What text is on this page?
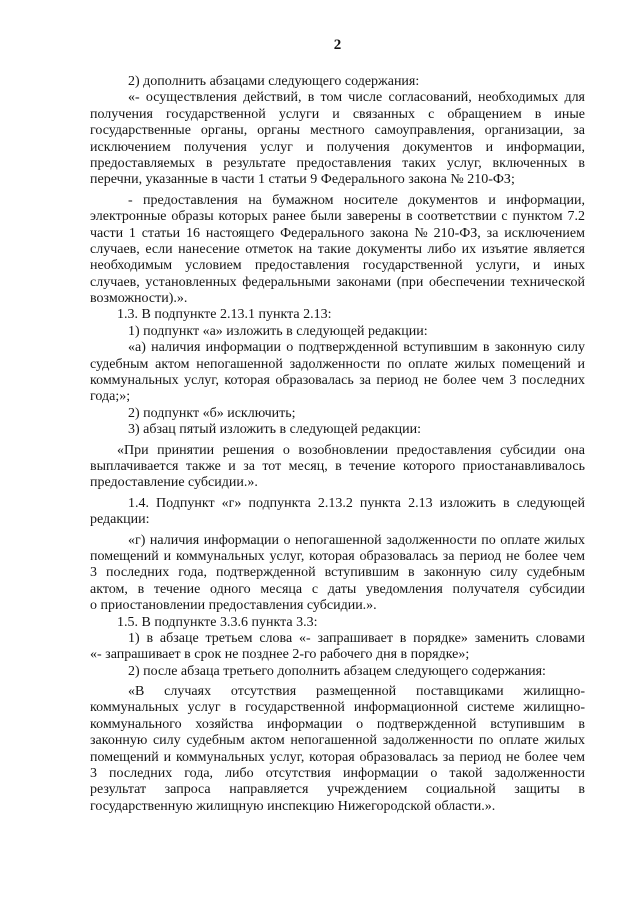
2
2) дополнить абзацами следующего содержания:
«- осуществления действий, в том числе согласований, необходимых для
получения государственной услуги и связанных с обращением в иные
государственные органы, органы местного самоуправления, организации, за
исключением получения услуг и получения документов и информации,
предоставляемых в результате предоставления таких услуг, включенных в
перечни, указанные в части 1 статьи 9 Федерального закона № 210-ФЗ;
- предоставления на бумажном носителе документов и информации,
электронные образы которых ранее были заверены в соответствии с пунктом 7.2
части 1 статьи 16 настоящего Федерального закона № 210-ФЗ, за исключением
случаев, если нанесение отметок на такие документы либо их изъятие является
необходимым условием предоставления государственной услуги, и иных
случаев, установленных федеральными законами (при обеспечении технической
возможности).».
1.3. В подпункте 2.13.1 пункта 2.13:
1) подпункт «а» изложить в следующей редакции:
«а) наличия информации о подтвержденной вступившим в законную силу
судебным актом непогашенной задолженности по оплате жилых помещений и
коммунальных услуг, которая образовалась за период не более чем 3 последних
года;»;
2) подпункт «б» исключить;
3) абзац пятый изложить в следующей редакции:
«При принятии решения о возобновлении предоставления субсидии она
выплачивается также и за тот месяц, в течение которого приостанавливалось
предоставление субсидии.».
1.4. Подпункт «г» подпункта 2.13.2 пункта 2.13 изложить в следующей
редакции:
«г) наличия информации о непогашенной задолженности по оплате жилых
помещений и коммунальных услуг, которая образовалась за период не более чем
3 последних года, подтвержденной вступившим в законную силу судебным
актом, в течение одного месяца с даты уведомления получателя субсидии
о приостановлении предоставления субсидии.».
1.5. В подпункте 3.3.6 пункта 3.3:
1) в абзаце третьем слова «- запрашивает в порядке» заменить словами
«- запрашивает в срок не позднее 2-го рабочего дня в порядке»;
2) после абзаца третьего дополнить абзацем следующего содержания:
«В случаях отсутствия размещенной поставщиками жилищно-
коммунальных услуг в государственной информационной системе жилищно-
коммунального хозяйства информации о подтвержденной вступившим в
законную силу судебным актом непогашенной задолженности по оплате жилых
помещений и коммунальных услуг, которая образовалась за период не более чем
3 последних года, либо отсутствия информации о такой задолженности
результат запроса направляется учреждением социальной защиты в
государственную жилищную инспекцию Нижегородской области.».
